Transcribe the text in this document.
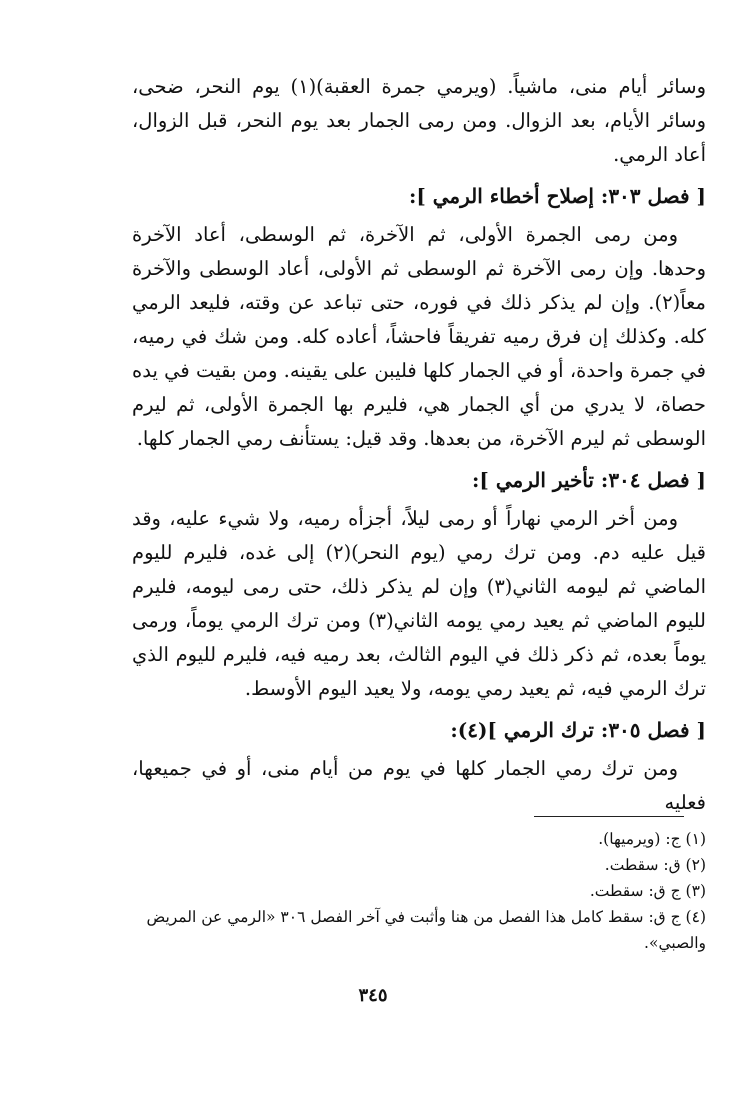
وسائر أيام منى، ماشياً. (ويرمي جمرة العقبة)(١) يوم النحر، ضحى، وسائر الأيام، بعد الزوال. ومن رمى الجمار بعد يوم النحر، قبل الزوال، أعاد الرمي.

[ فصل ٣٠٣: إصلاح أخطاء الرمي ]:

ومن رمى الجمرة الأولى، ثم الآخرة، ثم الوسطى، أعاد الآخرة وحدها. وإن رمى الآخرة ثم الوسطى ثم الأولى، أعاد الوسطى والآخرة معاً(٢). وإن لم يذكر ذلك في فوره، حتى تباعد عن وقته، فليعد الرمي كله. وكذلك إن فرق رميه تفريقاً فاحشاً، أعاده كله. ومن شك في رميه، في جمرة واحدة، أو في الجمار كلها فليبن على يقينه. ومن بقيت في يده حصاة، لا يدري من أي الجمار هي، فليرم بها الجمرة الأولى، ثم ليرم الوسطى ثم ليرم الآخرة، من بعدها. وقد قيل: يستأنف رمي الجمار كلها.

[ فصل ٣٠٤: تأخير الرمي ]:

ومن أخر الرمي نهاراً أو رمى ليلاً، أجزأه رميه، ولا شيء عليه، وقد قيل عليه دم. ومن ترك رمي (يوم النحر)(٢) إلى غده، فليرم لليوم الماضي ثم ليومه الثاني(٣) وإن لم يذكر ذلك، حتى رمى ليومه، فليرم لليوم الماضي ثم يعيد رمي يومه الثاني(٣) ومن ترك الرمي يوماً، ورمى يوماً بعده، ثم ذكر ذلك في اليوم الثالث، بعد رميه فيه، فليرم لليوم الذي ترك الرمي فيه، ثم يعيد رمي يومه، ولا يعيد اليوم الأوسط.

[ فصل ٣٠٥: ترك الرمي ](٤):

ومن ترك رمي الجمار كلها في يوم من أيام منى، أو في جميعها، فعليه

(١) ج: (ويرميها).

(٢) ق: سقطت.

(٣) ج ق: سقطت.

(٤) ج ق: سقط كامل هذا الفصل من هنا وأثبت في آخر الفصل ٣٠٦ «الرمي عن المريض والصبي».

٣٤٥
